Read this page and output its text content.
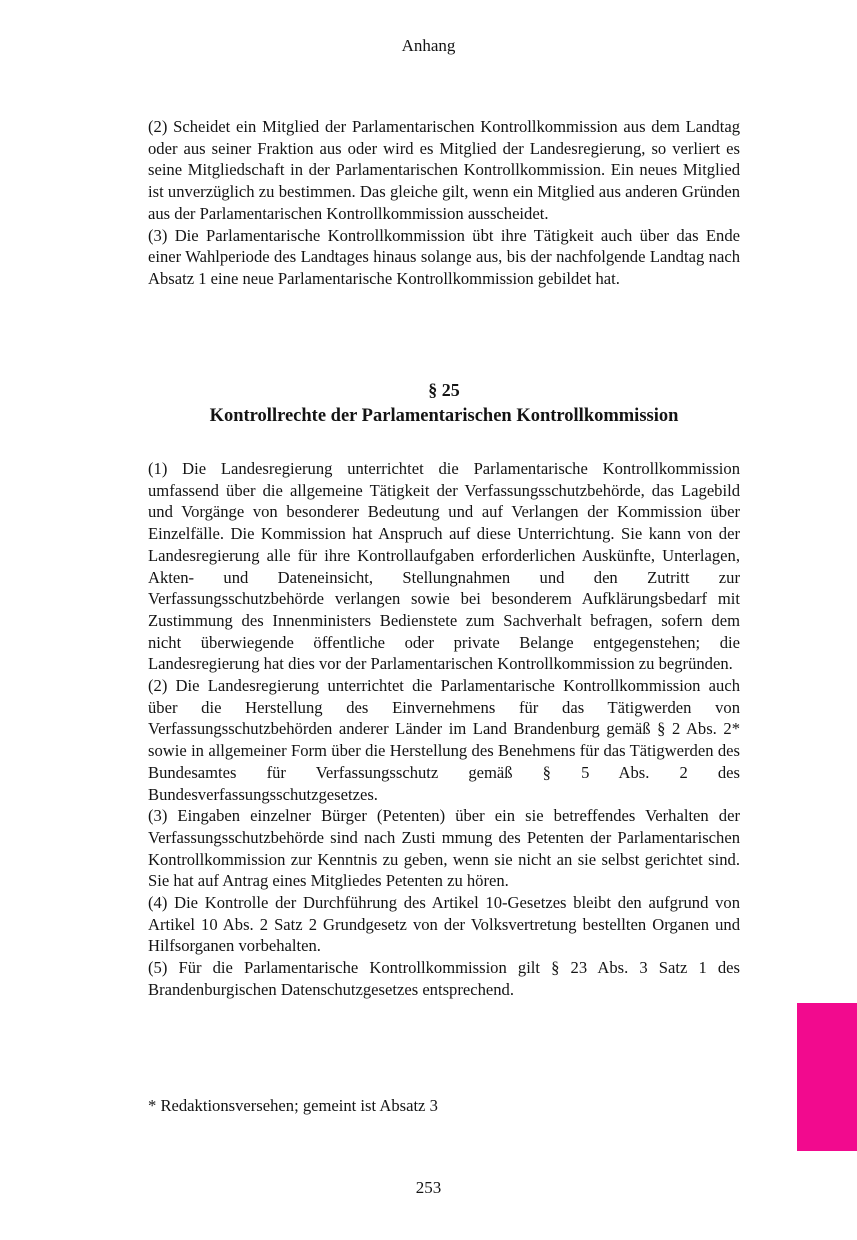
Anhang

(2) Scheidet ein Mitglied der Parlamentarischen Kontrollkommission aus dem Landtag oder aus seiner Fraktion aus oder wird es Mitglied der Landesregierung, so verliert es seine Mitgliedschaft in der Parlamentarischen Kontrollkommission. Ein neues Mitglied ist unverzüglich zu bestimmen. Das gleiche gilt, wenn ein Mitglied aus anderen Gründen aus der Parlamentarischen Kontrollkommission ausscheidet.

(3) Die Parlamentarische Kontrollkommission übt ihre Tätigkeit auch über das Ende einer Wahlperiode des Landtages hinaus solange aus, bis der nachfolgende Landtag nach Absatz 1 eine neue Parlamentarische Kontrollkommission gebildet hat.

§ 25
Kontrollrechte der Parlamentarischen Kontrollkommission

(1) Die Landesregierung unterrichtet die Parlamentarische Kontrollkommission umfassend über die allgemeine Tätigkeit der Verfassungsschutzbehörde, das Lagebild und Vorgänge von besonderer Bedeutung und auf Verlangen der Kommission über Einzelfälle. Die Kommission hat Anspruch auf diese Unterrichtung. Sie kann von der Landesregierung alle für ihre Kontrollaufgaben erforderlichen Auskünfte, Unterlagen, Akten- und Dateneinsicht, Stellungnahmen und den Zutritt zur Verfassungsschutzbehörde verlangen sowie bei besonderem Aufklärungsbedarf mit Zustimmung des Innenministers Bedienstete zum Sachverhalt befragen, sofern dem nicht überwiegende öffentliche oder private Belange entgegenstehen; die Landesregierung hat dies vor der Parlamentarischen Kontrollkommission zu begründen.

(2) Die Landesregierung unterrichtet die Parlamentarische Kontrollkommission auch über die Herstellung des Einvernehmens für das Tätigwerden von Verfassungsschutzbehörden anderer Länder im Land Brandenburg gemäß § 2 Abs. 2* sowie in allgemeiner Form über die Herstellung des Benehmens für das Tätigwerden des Bundesamtes für Verfassungsschutz gemäß § 5 Abs. 2 des Bundesverfassungsschutzgesetzes.

(3) Eingaben einzelner Bürger (Petenten) über ein sie betreffendes Verhalten der Verfassungsschutzbehörde sind nach Zusti mmung des Petenten der Parlamentarischen Kontrollkommission zur Kenntnis zu geben, wenn sie nicht an sie selbst gerichtet sind. Sie hat auf Antrag eines Mitgliedes Petenten zu hören.

(4) Die Kontrolle der Durchführung des Artikel 10-Gesetzes bleibt den aufgrund von Artikel 10 Abs. 2 Satz 2 Grundgesetz von der Volksvertretung bestellten Organen und Hilfsorganen vorbehalten.

(5) Für die Parlamentarische Kontrollkommission gilt § 23 Abs. 3 Satz 1 des Brandenburgischen Datenschutzgesetzes entsprechend.

* Redaktionsversehen; gemeint ist Absatz 3
253
